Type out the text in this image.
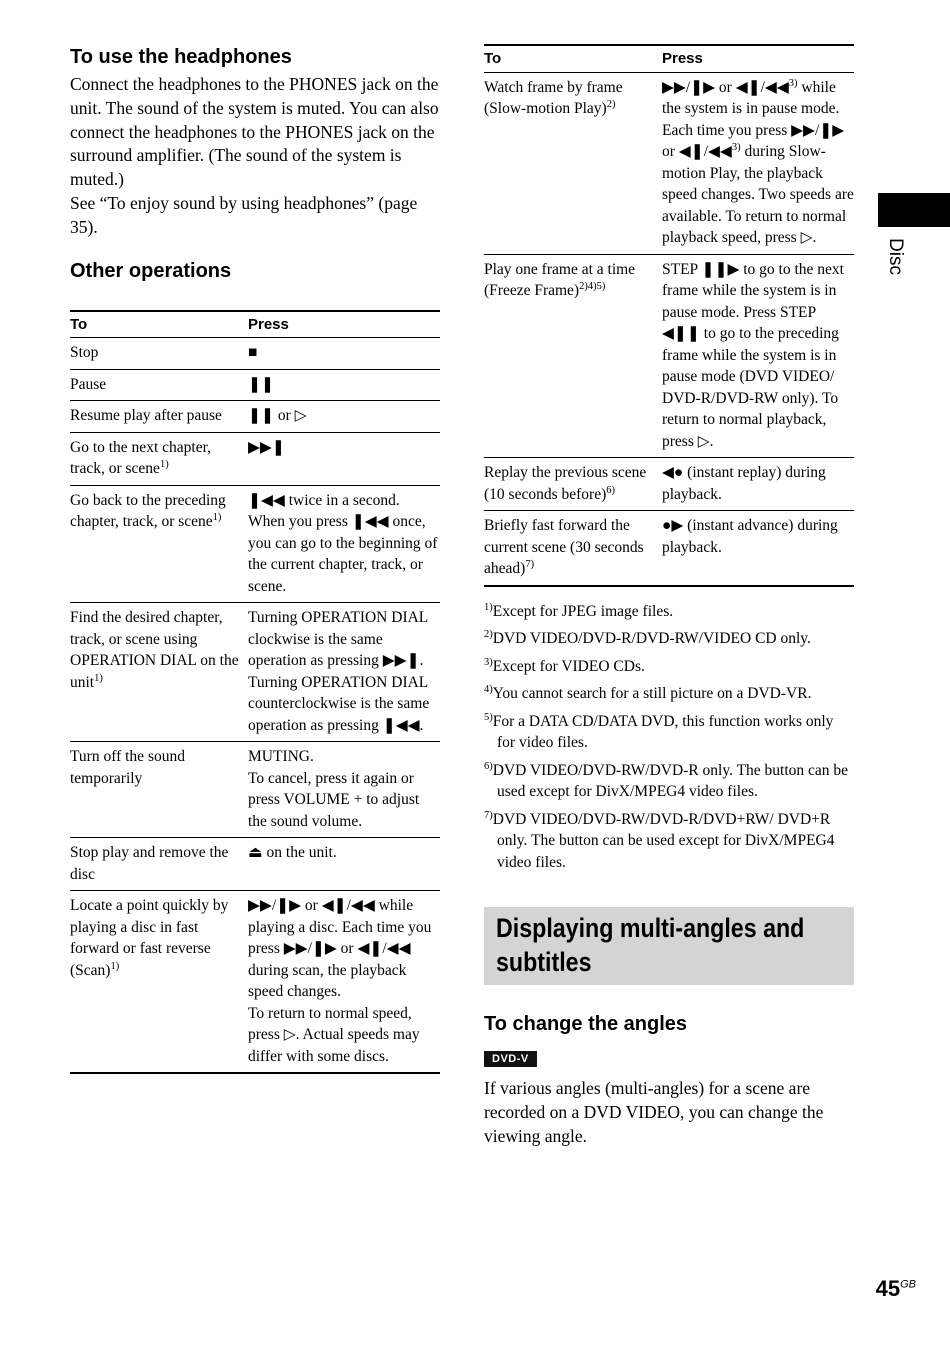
To use the headphones

Connect the headphones to the PHONES jack on the unit. The sound of the system is muted. You can also connect the headphones to the PHONES jack on the surround amplifier. (The sound of the system is muted.)

See “To enjoy sound by using headphones” (page 35).

Other operations
To	Press
Stop	■

Pause	❚❚

Resume play after pause	❚❚ or ▷

Go to the next chapter, track, or scene$^{1)}$	▶▶❚

Go back to the preceding chapter, track, or scene$^{1)}$	❚◀◀ twice in a second.
When you press ❚◀◀ once, you can go to the beginning of the current chapter, track, or scene.

Find the desired chapter, track, or scene using OPERATION DIAL on the unit$^{1)}$	Turning OPERATION DIAL clockwise is the same operation as pressing ▶▶❚.
Turning OPERATION DIAL counterclockwise is the same operation as pressing ❚◀◀.

Turn off the sound temporarily	MUTING.
To cancel, press it again or press VOLUME + to adjust the sound volume.

Stop play and remove the disc	⏏ on the unit.

Locate a point quickly by playing a disc in fast forward or fast reverse (Scan)$^{1)}$	▶▶/❚▶ or ◀❚/◀◀ while playing a disc. Each time you press ▶▶/❚▶ or ◀❚/◀◀ during scan, the playback speed changes.
To return to normal speed, press ▷. Actual speeds may differ with some discs.
To	Press
Watch frame by frame (Slow-motion Play)$^{2)}$	▶▶/❚▶ or ◀❚/◀◀$^{3)}$ while the system is in pause mode. Each time you press ▶▶/❚▶ or ◀❚/◀◀$^{3)}$ during Slow-motion Play, the playback speed changes. Two speeds are available. To return to normal playback speed, press ▷.
Play one frame at a time (Freeze Frame)$^{2)4)5)}$	STEP ❚❚▶ to go to the next frame while the system is in pause mode. Press STEP ◀❚❚ to go to the preceding frame while the system is in pause mode (DVD VIDEO/ DVD-R/DVD-RW only). To return to normal playback, press ▷.
Replay the previous scene (10 seconds before)$^{6)}$	◀● (instant replay) during playback.
Briefly fast forward the current scene (30 seconds ahead)$^{7)}$	●▶ (instant advance) during playback.
$^{1)}$Except for JPEG image files.
$^{2)}$DVD VIDEO/DVD-R/DVD-RW/VIDEO CD only.
$^{3)}$Except for VIDEO CDs.
$^{4)}$You cannot search for a still picture on a DVD-VR.
$^{5)}$For a DATA CD/DATA DVD, this function works only for video files.
$^{6)}$DVD VIDEO/DVD-RW/DVD-R only. The button can be used except for DivX/MPEG4 video files.
$^{7)}$DVD VIDEO/DVD-RW/DVD-R/DVD+RW/ DVD+R only. The button can be used except for DivX/MPEG4 video files.
Displaying multi-angles and subtitles
To change the angles
DVD-V

If various angles (multi-angles) for a scene are recorded on a DVD VIDEO, you can change the viewing angle.

Disc
$45^{GB}$
